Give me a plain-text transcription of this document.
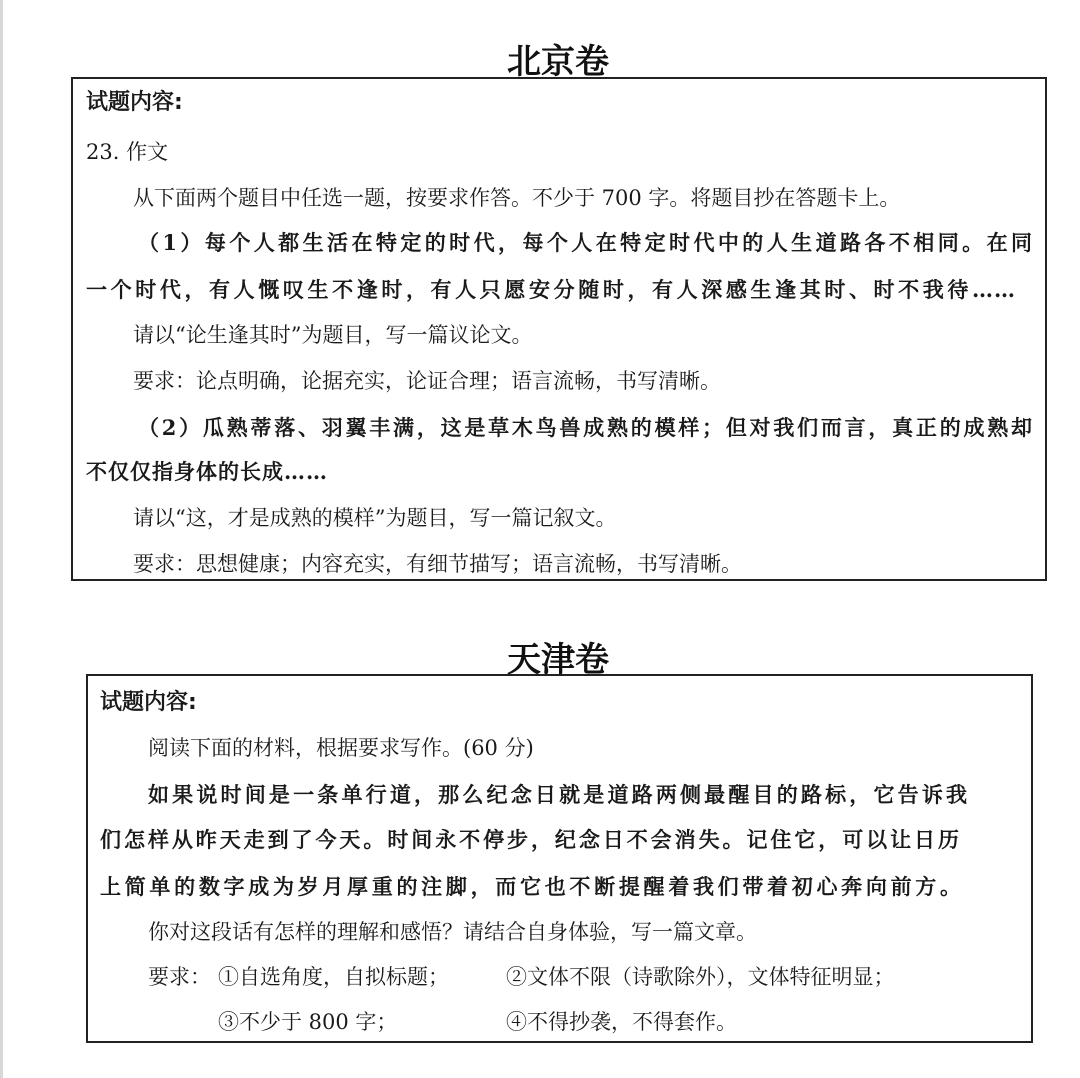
北京卷
试题内容:
23. 作文
从下面两个题目中任选一题，按要求作答。不少于 700 字。将题目抄在答题卡上。
（1）每个人都生活在特定的时代，每个人在特定时代中的人生道路各不相同。在同
一个时代，有人慨叹生不逢时，有人只愿安分随时，有人深感生逢其时、时不我待……
请以“论生逢其时”为题目，写一篇议论文。
要求：论点明确，论据充实，论证合理；语言流畅，书写清晰。
（2）瓜熟蒂落、羽翼丰满，这是草木鸟兽成熟的模样；但对我们而言，真正的成熟却
不仅仅指身体的长成……
请以“这，才是成熟的模样”为题目，写一篇记叙文。
要求：思想健康；内容充实，有细节描写；语言流畅，书写清晰。
天津卷
试题内容:
阅读下面的材料，根据要求写作。(60 分)
如果说时间是一条单行道，那么纪念日就是道路两侧最醒目的路标，它告诉我
们怎样从昨天走到了今天。时间永不停步，纪念日不会消失。记住它，可以让日历
上简单的数字成为岁月厚重的注脚，而它也不断提醒着我们带着初心奔向前方。
你对这段话有怎样的理解和感悟？请结合自身体验，写一篇文章。
要求： ①自选角度，自拟标题；	②文体不限（诗歌除外），文体特征明显；
③不少于 800 字；	④不得抄袭，不得套作。
